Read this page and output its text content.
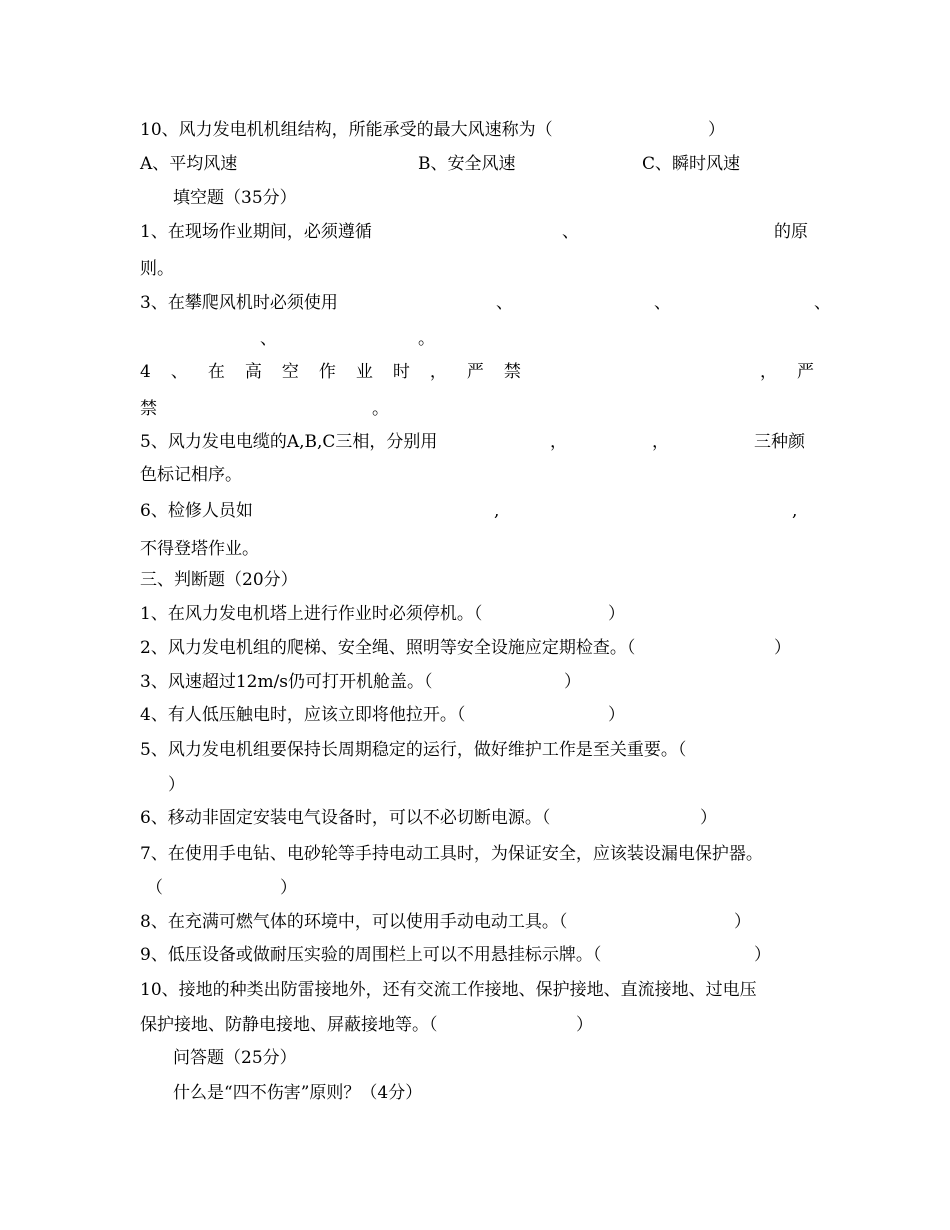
10、风力发电机机组结构，所能承受的最大风速称为（	）
A、平均风速	B、安全风速	C、瞬时风速
填空题（35分）
1、在现场作业期间，必须遵循	、	的原
则。
3、在攀爬风机时必须使用	、	、	、
、	。
4、在高空作业时，严禁	，严
禁	。
5、风力发电电缆的A,B,C三相，分别用	，	，	三种颜
色标记相序。
6、检修人员如	,	,
不得登塔作业。
三、判断题（20分）
1、在风力发电机塔上进行作业时必须停机。（	）
2、风力发电机组的爬梯、安全绳、照明等安全设施应定期检查。（	）
3、风速超过12m/s仍可打开机舱盖。（	）
4、有人低压触电时，应该立即将他拉开。（	）
5、风力发电机组要保持长周期稳定的运行，做好维护工作是至关重要。（
）
6、移动非固定安装电气设备时，可以不必切断电源。（	）
7、在使用手电钻、电砂轮等手持电动工具时，为保证安全，应该装设漏电保护器。
（	）
8、在充满可燃气体的环境中，可以使用手动电动工具。（	）
9、低压设备或做耐压实验的周围栏上可以不用悬挂标示牌。（	）
10、接地的种类出防雷接地外，还有交流工作接地、保护接地、直流接地、过电压
保护接地、防静电接地、屏蔽接地等。（	）
问答题（25分）
什么是“四不伤害”原则？（4分）
